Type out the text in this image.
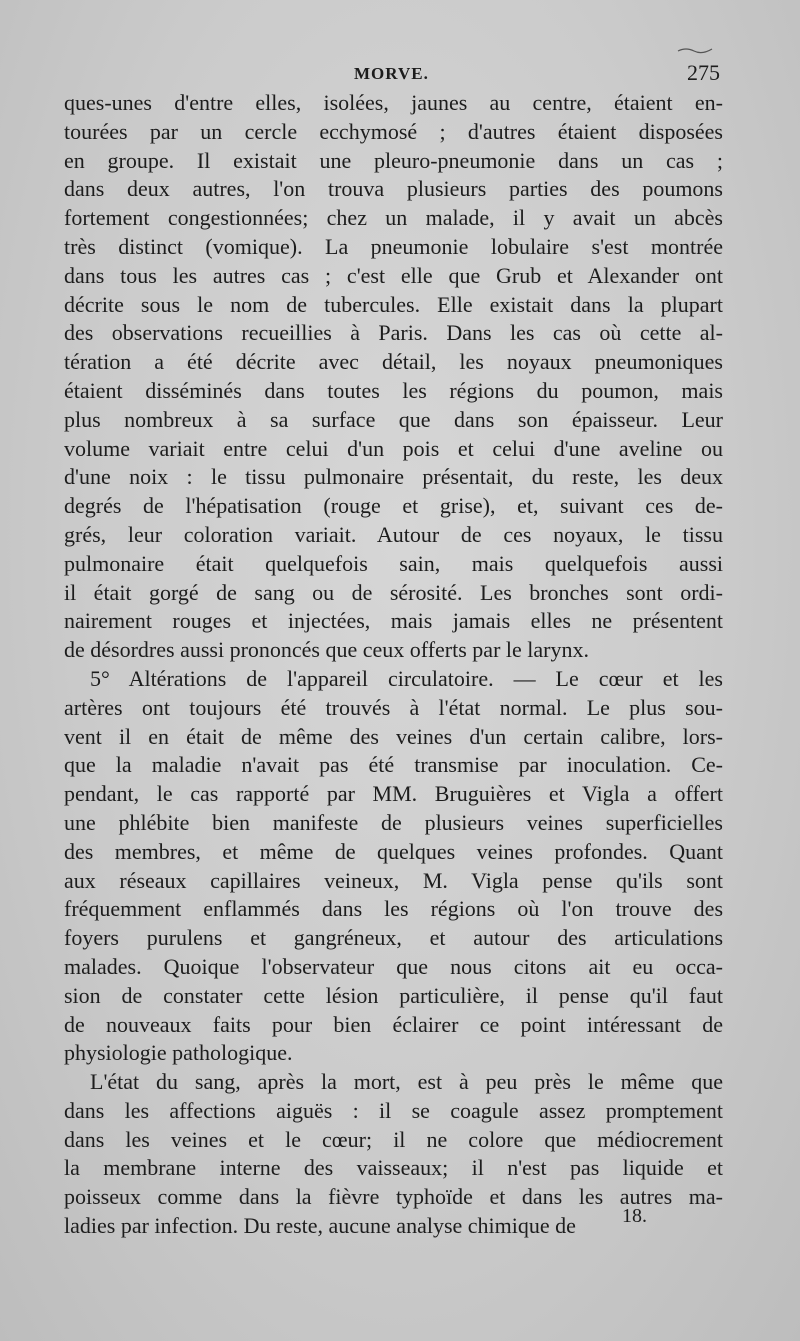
MORVE.	275
ques-unes d'entre elles, isolées, jaunes au centre, étaient en-
tourées par un cercle ecchymosé ; d'autres étaient disposées
en groupe. Il existait une pleuro-pneumonie dans un cas ;
dans deux autres, l'on trouva plusieurs parties des poumons
fortement congestionnées; chez un malade, il y avait un abcès
très distinct (vomique). La pneumonie lobulaire s'est montrée
dans tous les autres cas ; c'est elle que Grub et Alexander ont
décrite sous le nom de tubercules. Elle existait dans la plupart
des observations recueillies à Paris. Dans les cas où cette al-
tération a été décrite avec détail, les noyaux pneumoniques
étaient disséminés dans toutes les régions du poumon, mais
plus nombreux à sa surface que dans son épaisseur. Leur
volume variait entre celui d'un pois et celui d'une aveline ou
d'une noix : le tissu pulmonaire présentait, du reste, les deux
degrés de l'hépatisation (rouge et grise), et, suivant ces de-
grés, leur coloration variait. Autour de ces noyaux, le tissu
pulmonaire était quelquefois sain, mais quelquefois aussi
il était gorgé de sang ou de sérosité. Les bronches sont ordi-
nairement rouges et injectées, mais jamais elles ne présentent
de désordres aussi prononcés que ceux offerts par le larynx.
5° Altérations de l'appareil circulatoire. — Le cœur et les
artères ont toujours été trouvés à l'état normal. Le plus sou-
vent il en était de même des veines d'un certain calibre, lors-
que la maladie n'avait pas été transmise par inoculation. Ce-
pendant, le cas rapporté par MM. Bruguières et Vigla a offert
une phlébite bien manifeste de plusieurs veines superficielles
des membres, et même de quelques veines profondes. Quant
aux réseaux capillaires veineux, M. Vigla pense qu'ils sont
fréquemment enflammés dans les régions où l'on trouve des
foyers purulens et gangréneux, et autour des articulations
malades. Quoique l'observateur que nous citons ait eu occa-
sion de constater cette lésion particulière, il pense qu'il faut
de nouveaux faits pour bien éclairer ce point intéressant de
physiologie pathologique.
L'état du sang, après la mort, est à peu près le même que
dans les affections aiguës : il se coagule assez promptement
dans les veines et le cœur; il ne colore que médiocrement
la membrane interne des vaisseaux; il n'est pas liquide et
poisseux comme dans la fièvre typhoïde et dans les autres ma-
ladies par infection. Du reste, aucune analyse chimique de	18.
